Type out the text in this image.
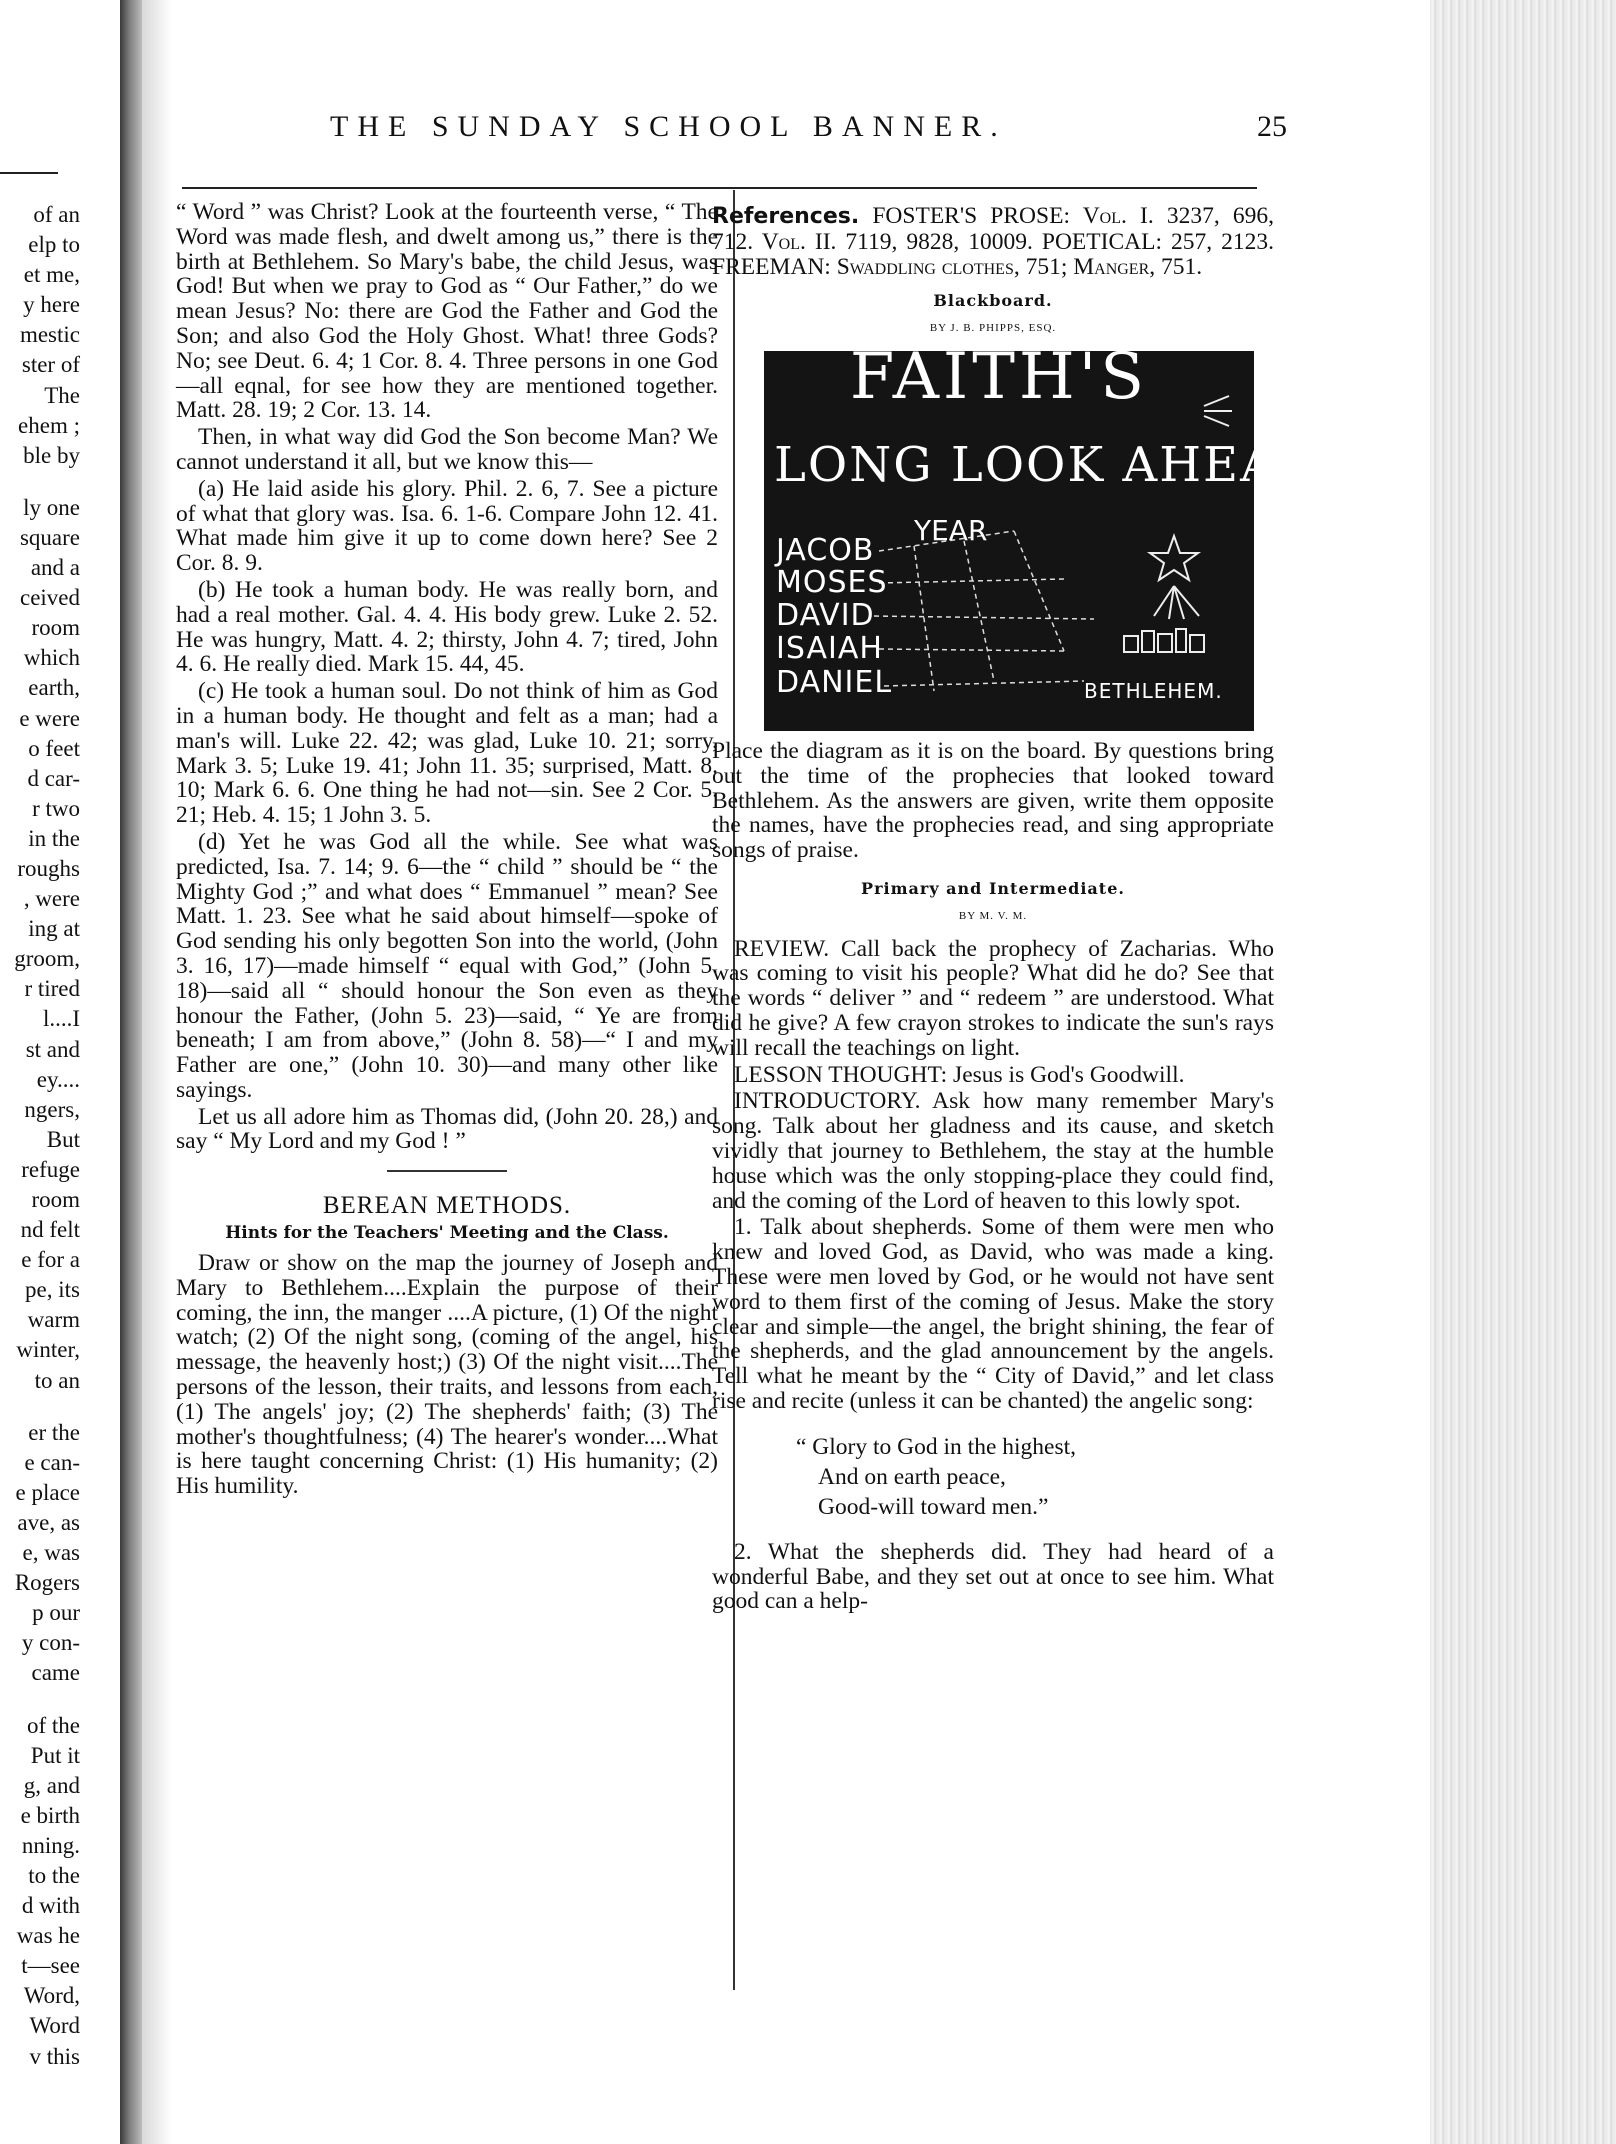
of an
elp to
et me,
y here
mestic
ster of
The
ehem ;
ble by
ly one
square
and a
ceived
room
which
earth,
e were
o feet
d car-
r two
in the
roughs
, were
ing at
groom,
r tired
l....I
st and
ey....
ngers,
But
refuge
room
nd felt
e for a
pe, its
warm
winter,
to an
er the
e can-
e place
ave, as
e, was
Rogers
p our
y con-
came
of the
Put it
g, and
e birth
nning.
to the
d with
was he
t—see
Word,
Word
v this
THE SUNDAY SCHOOL BANNER.	25

“ Word ” was Christ? Look at the fourteenth verse, “ The Word was made flesh, and dwelt among us,” there is the birth at Bethlehem. So Mary's babe, the child Jesus, was God! But when we pray to God as “ Our Father,” do we mean Jesus? No: there are God the Father and God the Son; and also God the Holy Ghost. What! three Gods? No; see Deut. 6. 4; 1 Cor. 8. 4. Three persons in one God—all eqnal, for see how they are mentioned together. Matt. 28. 19; 2 Cor. 13. 14.

Then, in what way did God the Son become Man? We cannot understand it all, but we know this—

(a) He laid aside his glory. Phil. 2. 6, 7. See a picture of what that glory was. Isa. 6. 1-6. Compare John 12. 41. What made him give it up to come down here? See 2 Cor. 8. 9.

(b) He took a human body. He was really born, and had a real mother. Gal. 4. 4. His body grew. Luke 2. 52. He was hungry, Matt. 4. 2; thirsty, John 4. 7; tired, John 4. 6. He really died. Mark 15. 44, 45.

(c) He took a human soul. Do not think of him as God in a human body. He thought and felt as a man; had a man's will. Luke 22. 42; was glad, Luke 10. 21; sorry, Mark 3. 5; Luke 19. 41; John 11. 35; surprised, Matt. 8. 10; Mark 6. 6. One thing he had not—sin. See 2 Cor. 5. 21; Heb. 4. 15; 1 John 3. 5.

(d) Yet he was God all the while. See what was predicted, Isa. 7. 14; 9. 6—the “ child ” should be “ the Mighty God ;” and what does “ Emmanuel ” mean? See Matt. 1. 23. See what he said about himself—spoke of God sending his only begotten Son into the world, (John 3. 16, 17)—made himself “ equal with God,” (John 5. 18)—said all “ should honour the Son even as they honour the Father, (John 5. 23)—said, “ Ye are from beneath; I am from above,” (John 8. 58)—“ I and my Father are one,” (John 10. 30)—and many other like sayings.

Let us all adore him as Thomas did, (John 20. 28,) and say “ My Lord and my God ! ”

BEREAN METHODS.
Hints for the Teachers' Meeting and the Class.

Draw or show on the map the journey of Joseph and Mary to Bethlehem....Explain the purpose of their coming, the inn, the manger ....A picture, (1) Of the night watch; (2) Of the night song, (coming of the angel, his message, the heavenly host;) (3) Of the night visit....The persons of the lesson, their traits, and lessons from each, (1) The angels' joy; (2) The shepherds' faith; (3) The mother's thoughtfulness; (4) The hearer's wonder....What is here taught concerning Christ: (1) His humanity; (2) His humility.

References. FOSTER'S PROSE: Vol. I. 3237, 696, 712. Vol. II. 7119, 9828, 10009. POETICAL: 257, 2123. FREEMAN: Swaddling clothes, 751; Manger, 751.

Blackboard.
BY J. B. PHIPPS, ESQ.
FAITH'S
LONG LOOK AHEAD!
YEAR
JACOB
MOSES
DAVID
ISAIAH
DANIEL	BETHLEHEM.

Place the diagram as it is on the board. By questions bring out the time of the prophecies that looked toward Bethlehem. As the answers are given, write them opposite the names, have the prophecies read, and sing appropriate songs of praise.

Primary and Intermediate.
BY M. V. M.

REVIEW. Call back the prophecy of Zacharias. Who was coming to visit his people? What did he do? See that the words “ deliver ” and “ redeem ” are understood. What did he give? A few crayon strokes to indicate the sun's rays will recall the teachings on light.

LESSON THOUGHT: Jesus is God's Goodwill.

INTRODUCTORY. Ask how many remember Mary's song. Talk about her gladness and its cause, and sketch vividly that journey to Bethlehem, the stay at the humble house which was the only stopping-place they could find, and the coming of the Lord of heaven to this lowly spot.

1. Talk about shepherds. Some of them were men who knew and loved God, as David, who was made a king. These were men loved by God, or he would not have sent word to them first of the coming of Jesus. Make the story clear and simple—the angel, the bright shining, the fear of the shepherds, and the glad announcement by the angels. Tell what he meant by the “ City of David,” and let class rise and recite (unless it can be chanted) the angelic song:

“ Glory to God in the highest,
And on earth peace,
Good-will toward men.”

2. What the shepherds did. They had heard of a wonderful Babe, and they set out at once to see him. What good can a help-
